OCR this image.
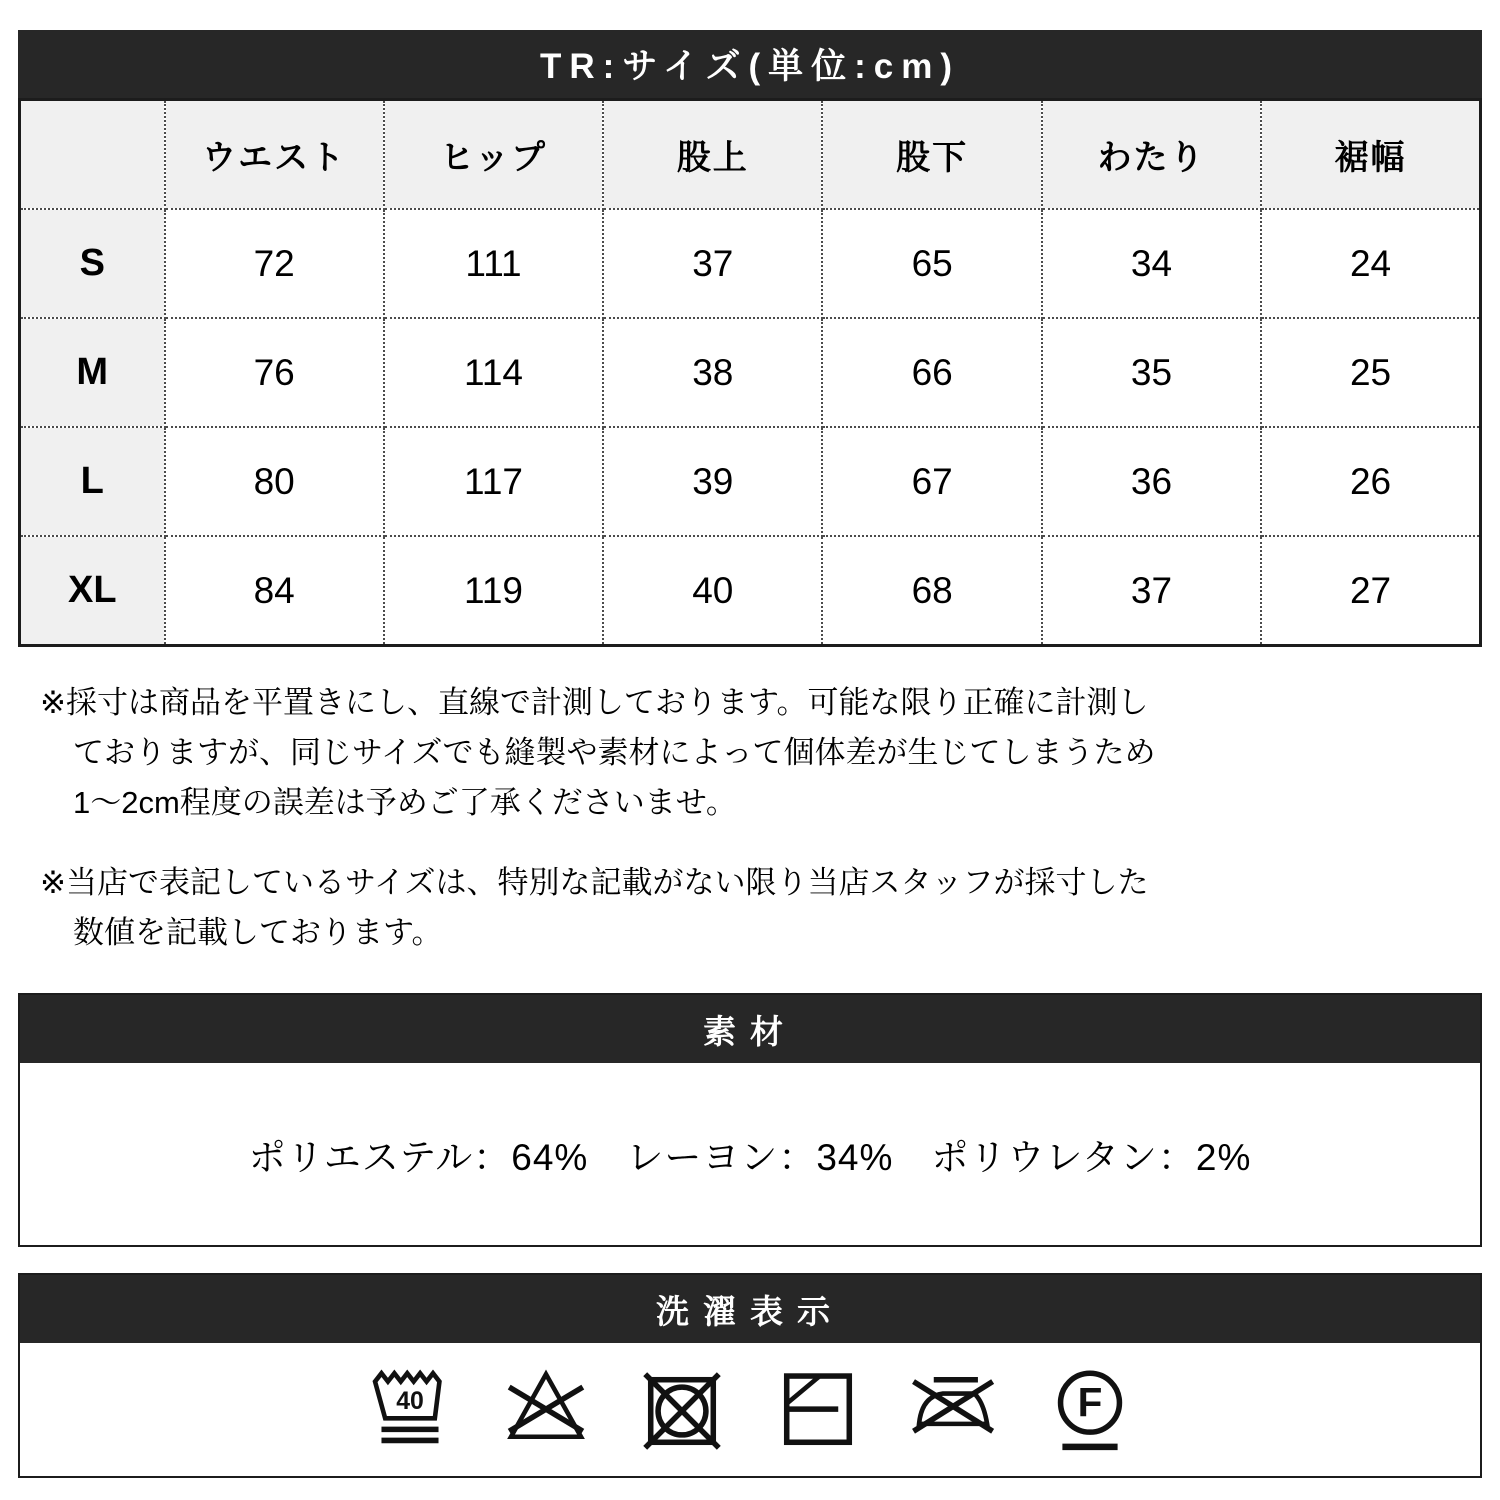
TR:サイズ(単位:cm)
	ウエスト	ヒップ	股上	股下	わたり	裾幅
S	72	111	37	65	34	24
M	76	114	38	66	35	25
L	80	117	39	67	36	26
XL	84	119	40	68	37	27

※採寸は商品を平置きにし、直線で計測しております。可能な限り正確に計測し
ておりますが、同じサイズでも縫製や素材によって個体差が生じてしまうため
1〜2cm程度の誤差は予めご了承くださいませ。

※当店で表記しているサイズは、特別な記載がない限り当店スタッフが採寸した
数値を記載しております。

素材
ポリエステル：64%　レーヨン：34%　ポリウレタン：2%
洗濯表示
40	F
